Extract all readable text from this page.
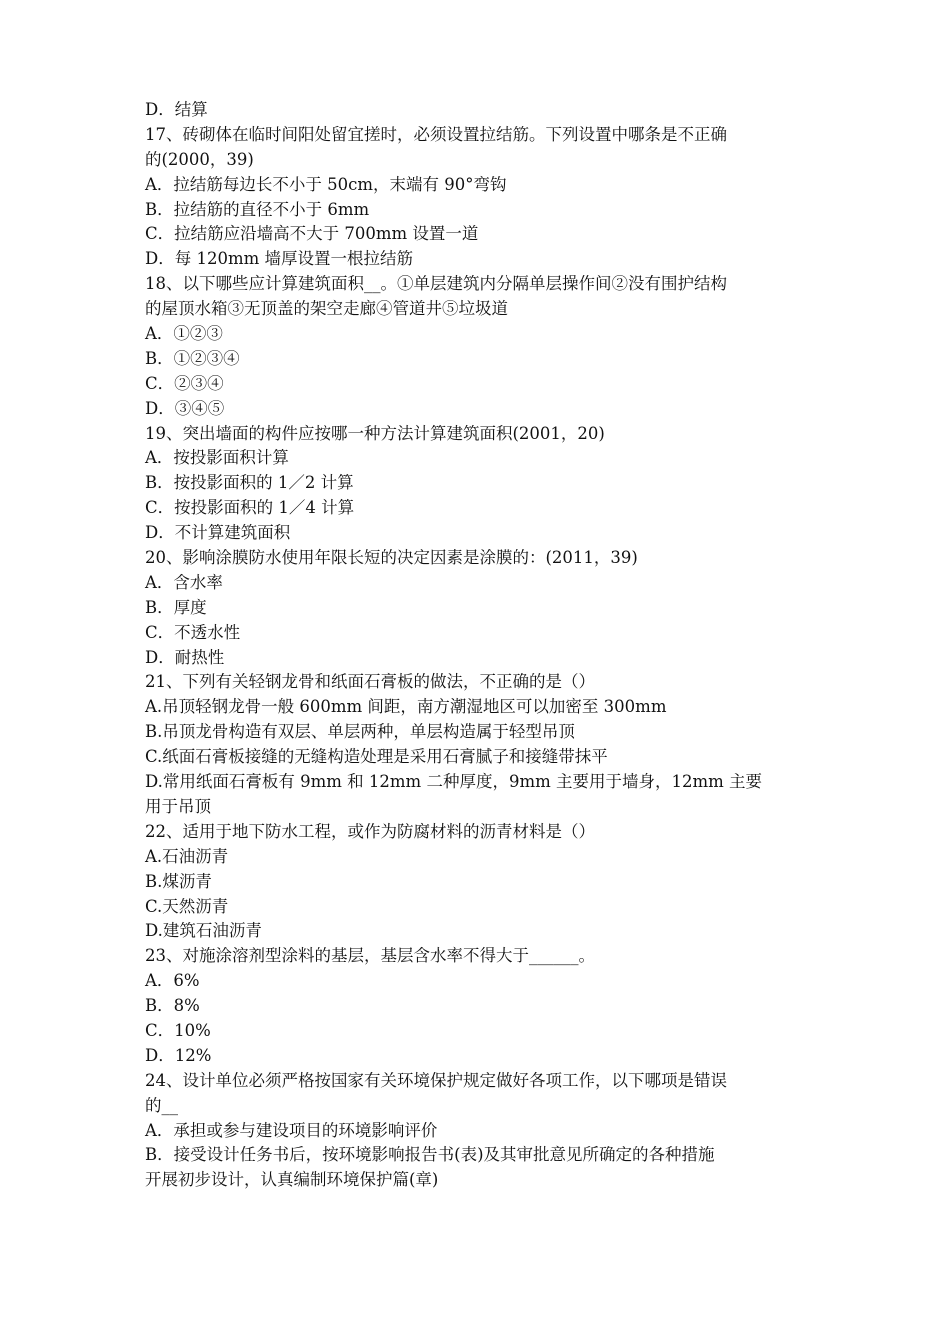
D．结算
17、砖砌体在临时间阳处留宜搓时，必须设置拉结筋。下列设置中哪条是不正确
的(2000，39)
A．拉结筋每边长不小于 50cm，末端有 90°弯钩
B．拉结筋的直径不小于 6mm
C．拉结筋应沿墙高不大于 700mm 设置一道
D．每 120mm 墙厚设置一根拉结筋
18、以下哪些应计算建筑面积__。①单层建筑内分隔单层操作间②没有围护结构
的屋顶水箱③无顶盖的架空走廊④管道井⑤垃圾道
A．①②③
B．①②③④
C．②③④
D．③④⑤
19、突出墙面的构件应按哪一种方法计算建筑面积(2001，20)
A．按投影面积计算
B．按投影面积的 1／2 计算
C．按投影面积的 1／4 计算
D．不计算建筑面积
20、影响涂膜防水使用年限长短的决定因素是涂膜的：(2011，39)
A．含水率
B．厚度
C．不透水性
D．耐热性
21、下列有关轻钢龙骨和纸面石膏板的做法，不正确的是（）
A.吊顶轻钢龙骨一般 600mm 间距，南方潮湿地区可以加密至 300mm
B.吊顶龙骨构造有双层、单层两种，单层构造属于轻型吊顶
C.纸面石膏板接缝的无缝构造处理是采用石膏腻子和接缝带抹平
D.常用纸面石膏板有 9mm 和 12mm 二种厚度，9mm 主要用于墙身，12mm 主要
用于吊顶
22、适用于地下防水工程，或作为防腐材料的沥青材料是（）
A.石油沥青
B.煤沥青
C.天然沥青
D.建筑石油沥青
23、对施涂溶剂型涂料的基层，基层含水率不得大于______。
A．6%
B．8%
C．10%
D．12%
24、设计单位必须严格按国家有关环境保护规定做好各项工作，以下哪项是错误
的__
A．承担或参与建设项目的环境影响评价
B．接受设计任务书后，按环境影响报告书(表)及其审批意见所确定的各种措施
开展初步设计，认真编制环境保护篇(章)
